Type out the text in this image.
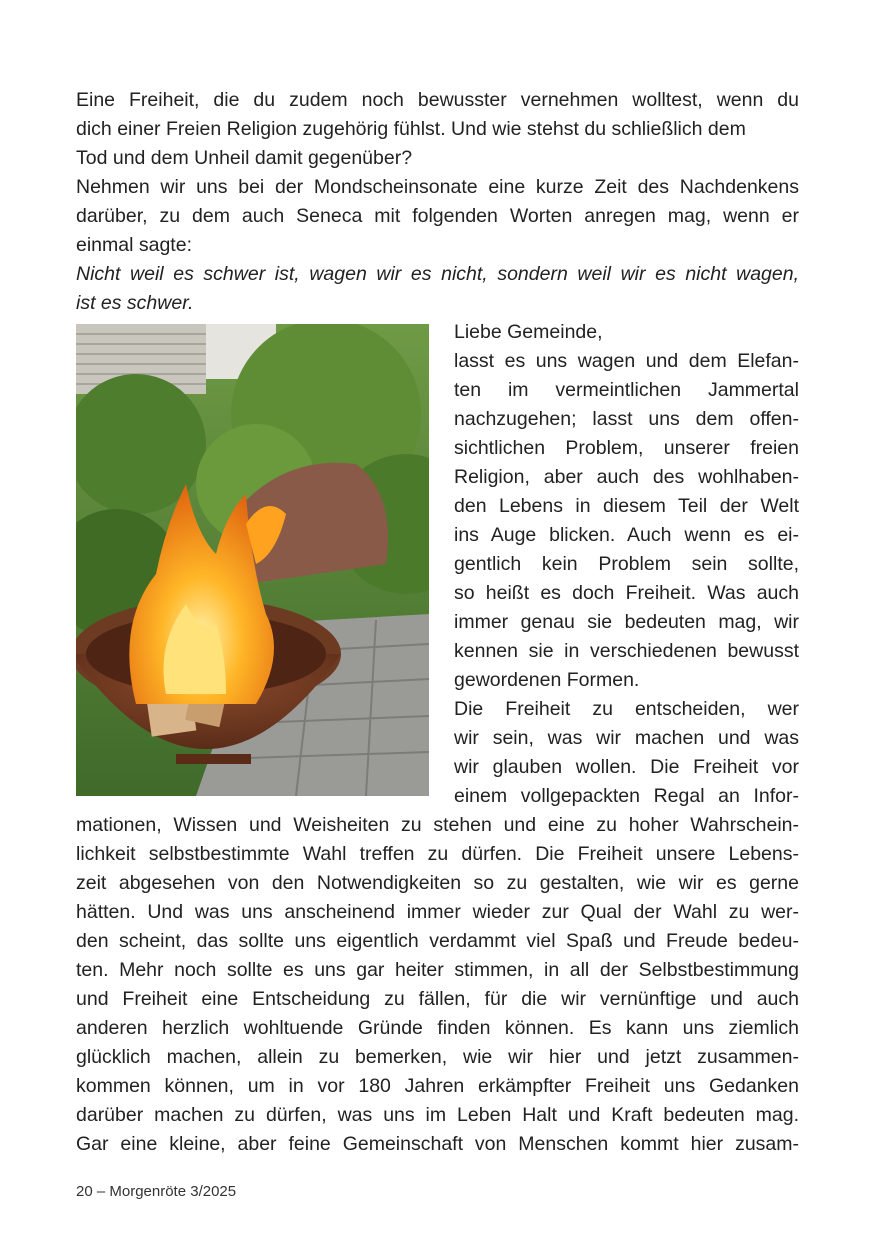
Eine Freiheit, die du zudem noch bewusster vernehmen wolltest, wenn du
dich einer Freien Religion zugehörig fühlst. Und wie stehst du schließlich dem
Tod und dem Unheil damit gegenüber?
Nehmen wir uns bei der Mondscheinsonate eine kurze Zeit des Nachdenkens
darüber, zu dem auch Seneca mit folgenden Worten anregen mag, wenn er
einmal sagte:
Nicht weil es schwer ist, wagen wir es nicht, sondern weil wir es nicht wagen,
ist es schwer.
Liebe Gemeinde,
lasst es uns wagen und dem Elefan-
ten im vermeintlichen Jammertal
nachzugehen; lasst uns dem offen-
sichtlichen Problem, unserer freien
Religion, aber auch des wohlhaben-
den Lebens in diesem Teil der Welt
ins Auge blicken. Auch wenn es ei-
gentlich kein Problem sein sollte,
so heißt es doch Freiheit. Was auch
immer genau sie bedeuten mag, wir
kennen sie in verschiedenen bewusst
gewordenen Formen.
Die Freiheit zu entscheiden, wer
wir sein, was wir machen und was
wir glauben wollen. Die Freiheit vor
einem vollgepackten Regal an Infor-
mationen, Wissen und Weisheiten zu stehen und eine zu hoher Wahrschein-
lichkeit selbstbestimmte Wahl treffen zu dürfen. Die Freiheit unsere Lebens-
zeit abgesehen von den Notwendigkeiten so zu gestalten, wie wir es gerne
hätten. Und was uns anscheinend immer wieder zur Qual der Wahl zu wer-
den scheint, das sollte uns eigentlich verdammt viel Spaß und Freude bedeu-
ten. Mehr noch sollte es uns gar heiter stimmen, in all der Selbstbestimmung
und Freiheit eine Entscheidung zu fällen, für die wir vernünftige und auch
anderen herzlich wohltuende Gründe finden können. Es kann uns ziemlich
glücklich machen, allein zu bemerken, wie wir hier und jetzt zusammen-
kommen können, um in vor 180 Jahren erkämpfter Freiheit uns Gedanken
darüber machen zu dürfen, was uns im Leben Halt und Kraft bedeuten mag.
Gar eine kleine, aber feine Gemeinschaft von Menschen kommt hier zusam-
20 – Morgenröte 3/2025
